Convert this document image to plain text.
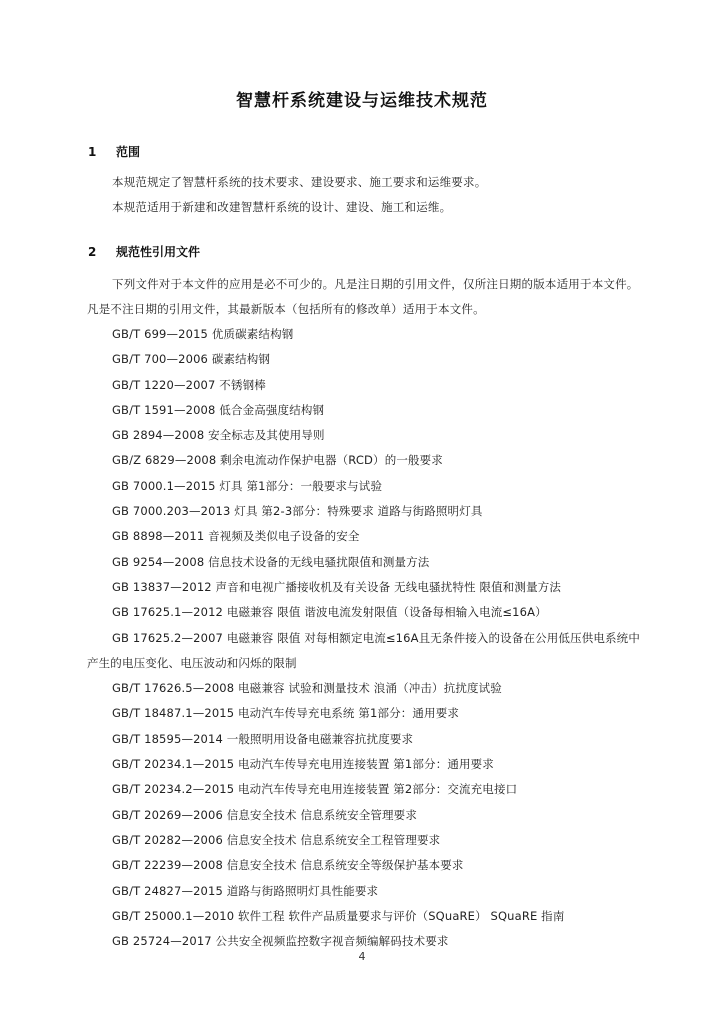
智慧杆系统建设与运维技术规范
1 范围
本规范规定了智慧杆系统的技术要求、建设要求、施工要求和运维要求。
本规范适用于新建和改建智慧杆系统的设计、建设、施工和运维。
2 规范性引用文件
下列文件对于本文件的应用是必不可少的。凡是注日期的引用文件，仅所注日期的版本适用于本文件。凡是不注日期的引用文件，其最新版本（包括所有的修改单）适用于本文件。
GB/T 699—2015 优质碳素结构钢
GB/T 700—2006 碳素结构钢
GB/T 1220—2007 不锈钢棒
GB/T 1591—2008 低合金高强度结构钢
GB 2894—2008 安全标志及其使用导则
GB/Z 6829—2008 剩余电流动作保护电器（RCD）的一般要求
GB 7000.1—2015 灯具 第1部分：一般要求与试验
GB 7000.203—2013 灯具 第2-3部分：特殊要求 道路与街路照明灯具
GB 8898—2011 音视频及类似电子设备的安全
GB 9254—2008 信息技术设备的无线电骚扰限值和测量方法
GB 13837—2012 声音和电视广播接收机及有关设备 无线电骚扰特性 限值和测量方法
GB 17625.1—2012 电磁兼容 限值 谐波电流发射限值（设备每相输入电流≤16A）
GB 17625.2—2007 电磁兼容 限值 对每相额定电流≤16A且无条件接入的设备在公用低压供电系统中产生的电压变化、电压波动和闪烁的限制
GB/T 17626.5—2008 电磁兼容 试验和测量技术 浪涌（冲击）抗扰度试验
GB/T 18487.1—2015 电动汽车传导充电系统 第1部分：通用要求
GB/T 18595—2014 一般照明用设备电磁兼容抗扰度要求
GB/T 20234.1—2015 电动汽车传导充电用连接装置 第1部分：通用要求
GB/T 20234.2—2015 电动汽车传导充电用连接装置 第2部分：交流充电接口
GB/T 20269—2006 信息安全技术 信息系统安全管理要求
GB/T 20282—2006 信息安全技术 信息系统安全工程管理要求
GB/T 22239—2008 信息安全技术 信息系统安全等级保护基本要求
GB/T 24827—2015 道路与街路照明灯具性能要求
GB/T 25000.1—2010 软件工程 软件产品质量要求与评价（SQuaRE） SQuaRE 指南
GB 25724—2017 公共安全视频监控数字视音频编解码技术要求
4
